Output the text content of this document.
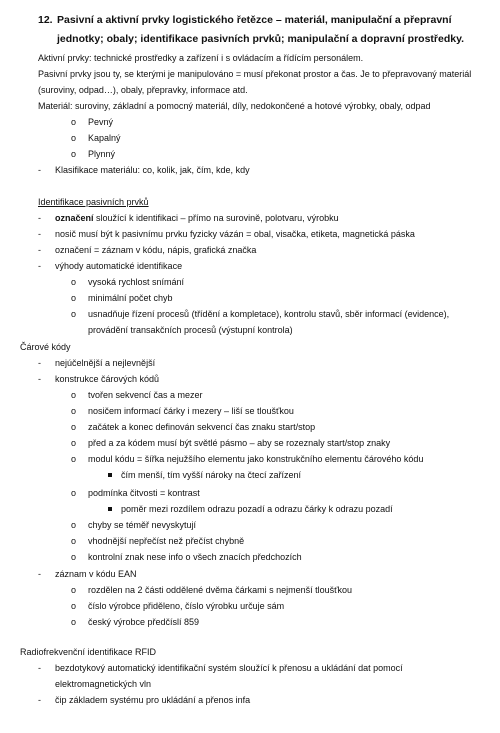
12. Pasivní a aktivní prvky logistického řetězce – materiál, manipulační a přepravní
jednotky; obaly; identifikace pasivních prvků; manipulační a dopravní prostředky.
Aktivní prvky: technické prostředky a zařízení i s ovládacím a řídícím personálem.
Pasivní prvky jsou ty, se kterými je manipulováno = musí překonat prostor a čas. Je to přepravovaný materiál
(suroviny, odpad…), obaly, přepravky, informace atd.
Materiál: suroviny, základní a pomocný materiál, díly, nedokončené a hotové výrobky, obaly, odpad
o Pevný
o Kapalný
o Plynný
- Klasifikace materiálu: co, kolik, jak, čím, kde, kdy
Identifikace pasivních prvků
- označení sloužící k identifikaci – přímo na surovině, polotvaru, výrobku
- nosič musí být k pasivnímu prvku fyzicky vázán = obal, visačka, etiketa, magnetická páska
- označení = záznam v kódu, nápis, grafická značka
- výhody automatické identifikace
o vysoká rychlost snímání
o minimální počet chyb
o usnadňuje řízení procesů (třídění a kompletace), kontrolu stavů, sběr informací (evidence),
provádění transakčních procesů (výstupní kontrola)
Čárové kódy
- nejúčelnější a nejlevnější
- konstrukce čárových kódů
o tvořen sekvencí čas a mezer
o nosičem informací čárky i mezery – liší se tloušťkou
o začátek a konec definován sekvencí čas znaku start/stop
o před a za kódem musí být světlé pásmo – aby se rozeznaly start/stop znaky
o modul kódu = šířka nejužšího elementu jako konstrukčního elementu čárového kódu
čím menší, tím vyšší nároky na čtecí zařízení
o podmínka čitvosti = kontrast
poměr mezi rozdílem odrazu pozadí a odrazu čárky k odrazu pozadí
o chyby se téměř nevyskytují
o vhodnější nepřečíst než přečíst chybně
o kontrolní znak nese info o všech znacích předchozích
- záznam v kódu EAN
o rozdělen na 2 části oddělené dvěma čárkami s nejmenší tloušťkou
o číslo výrobce přiděleno, číslo výrobku určuje sám
o český výrobce předčíslí 859
Radiofrekvenční identifikace RFID
- bezdotykový automatický identifikační systém sloužící k přenosu a ukládání dat pomocí
elektromagnetických vln
- čip základem systému pro ukládání a přenos infa
